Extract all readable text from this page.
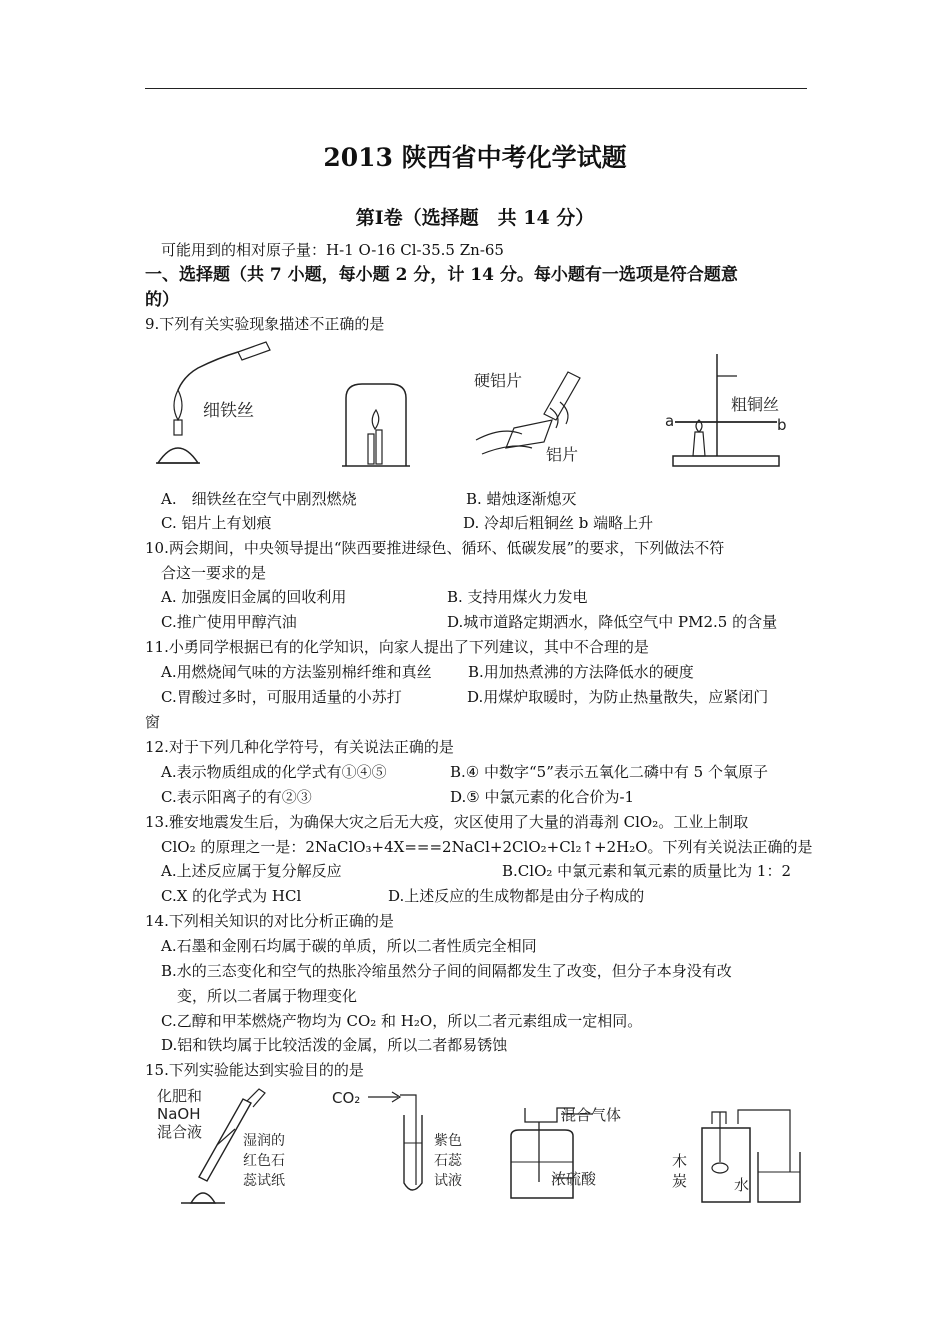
2013 陕西省中考化学试题
第Ⅰ卷（选择题　共 14 分）
可能用到的相对原子量：H-1 O-16 Cl-35.5 Zn-65
一、选择题（共 7 小题，每小题 2 分，计 14 分。每小题有一选项是符合题意
的）
9.下列有关实验现象描述不正确的是
细铁丝
硬铝片
铝片
a	b
粗铜丝
A.　细铁丝在空气中剧烈燃烧	B. 蜡烛逐渐熄灭
C. 铝片上有划痕	D. 冷却后粗铜丝 b 端略上升
10.两会期间，中央领导提出“陕西要推进绿色、循环、低碳发展”的要求，下列做法不符
合这一要求的是
A. 加强废旧金属的回收利用	B. 支持用煤火力发电
C.推广使用甲醇汽油	D.城市道路定期洒水，降低空气中 PM2.5 的含量
11.小勇同学根据已有的化学知识，向家人提出了下列建议，其中不合理的是
A.用燃烧闻气味的方法鉴别棉纤维和真丝 B.用加热煮沸的方法降低水的硬度
C.胃酸过多时，可服用适量的小苏打	D.用煤炉取暖时，为防止热量散失，应紧闭门
窗
12.对于下列几种化学符号，有关说法正确的是
A.表示物质组成的化学式有①④⑤	B.④ 中数字“5”表示五氧化二磷中有 5 个氧原子
C.表示阳离子的有②③	D.⑤ 中氯元素的化合价为-1
13.雅安地震发生后，为确保大灾之后无大疫，灾区使用了大量的消毒剂 ClO₂。工业上制取
ClO₂ 的原理之一是：2NaClO₃+4X===2NaCl+2ClO₂+Cl₂↑+2H₂O。下列有关说法正确的是
A.上述反应属于复分解反应	B.ClO₂ 中氯元素和氧元素的质量比为 1：2
C.X 的化学式为 HCl	D.上述反应的生成物都是由分子构成的
14.下列相关知识的对比分析正确的是
A.石墨和金刚石均属于碳的单质，所以二者性质完全相同
B.水的三态变化和空气的热胀冷缩虽然分子间的间隔都发生了改变，但分子本身没有改
变，所以二者属于物理变化
C.乙醇和甲苯燃烧产物均为 CO₂ 和 H₂O，所以二者元素组成一定相同。
D.铝和铁均属于比较活泼的金属，所以二者都易锈蚀
15.下列实验能达到实验目的的是
化肥和
NaOH
混合液	湿润的
红色石
蕊试纸
CO₂
紫色
石蕊
试液
混合气体
浓硫酸
木
炭	水
